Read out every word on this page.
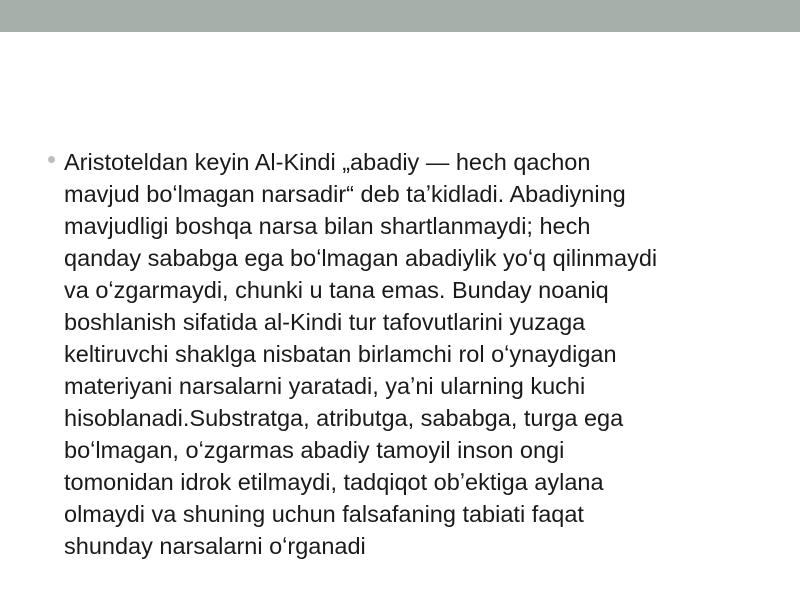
Aristoteldan keyin Al-Kindi „abadiy — hech qachon
mavjud boʻlmagan narsadir“ deb taʼkidladi. Abadiyning
mavjudligi boshqa narsa bilan shartlanmaydi; hech
qanday sababga ega boʻlmagan abadiylik yoʻq qilinmaydi
va oʻzgarmaydi, chunki u tana emas. Bunday noaniq
boshlanish sifatida al-Kindi tur tafovutlarini yuzaga
keltiruvchi shaklga nisbatan birlamchi rol oʻynaydigan
materiyani narsalarni yaratadi, yaʼni ularning kuchi
hisoblanadi.Substratga, atributga, sababga, turga ega
boʻlmagan, oʻzgarmas abadiy tamoyil inson ongi
tomonidan idrok etilmaydi, tadqiqot obʼektiga aylana
olmaydi va shuning uchun falsafaning tabiati faqat
shunday narsalarni oʻrganadi
